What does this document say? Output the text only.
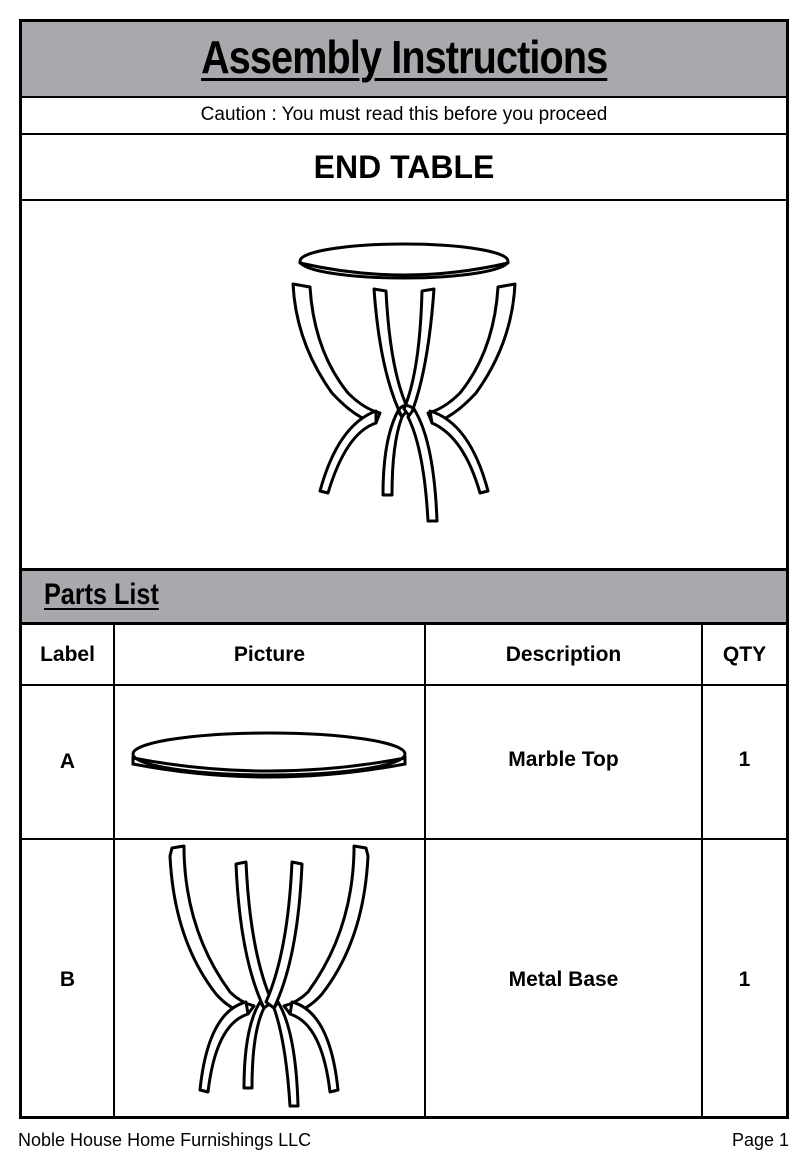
Assembly Instructions
Caution : You must read this before you proceed
END TABLE
Parts List
Label	Picture	Description	QTY
A		Marble Top	1
B		Metal Base	1
Noble House Home Furnishings LLC	Page 1
